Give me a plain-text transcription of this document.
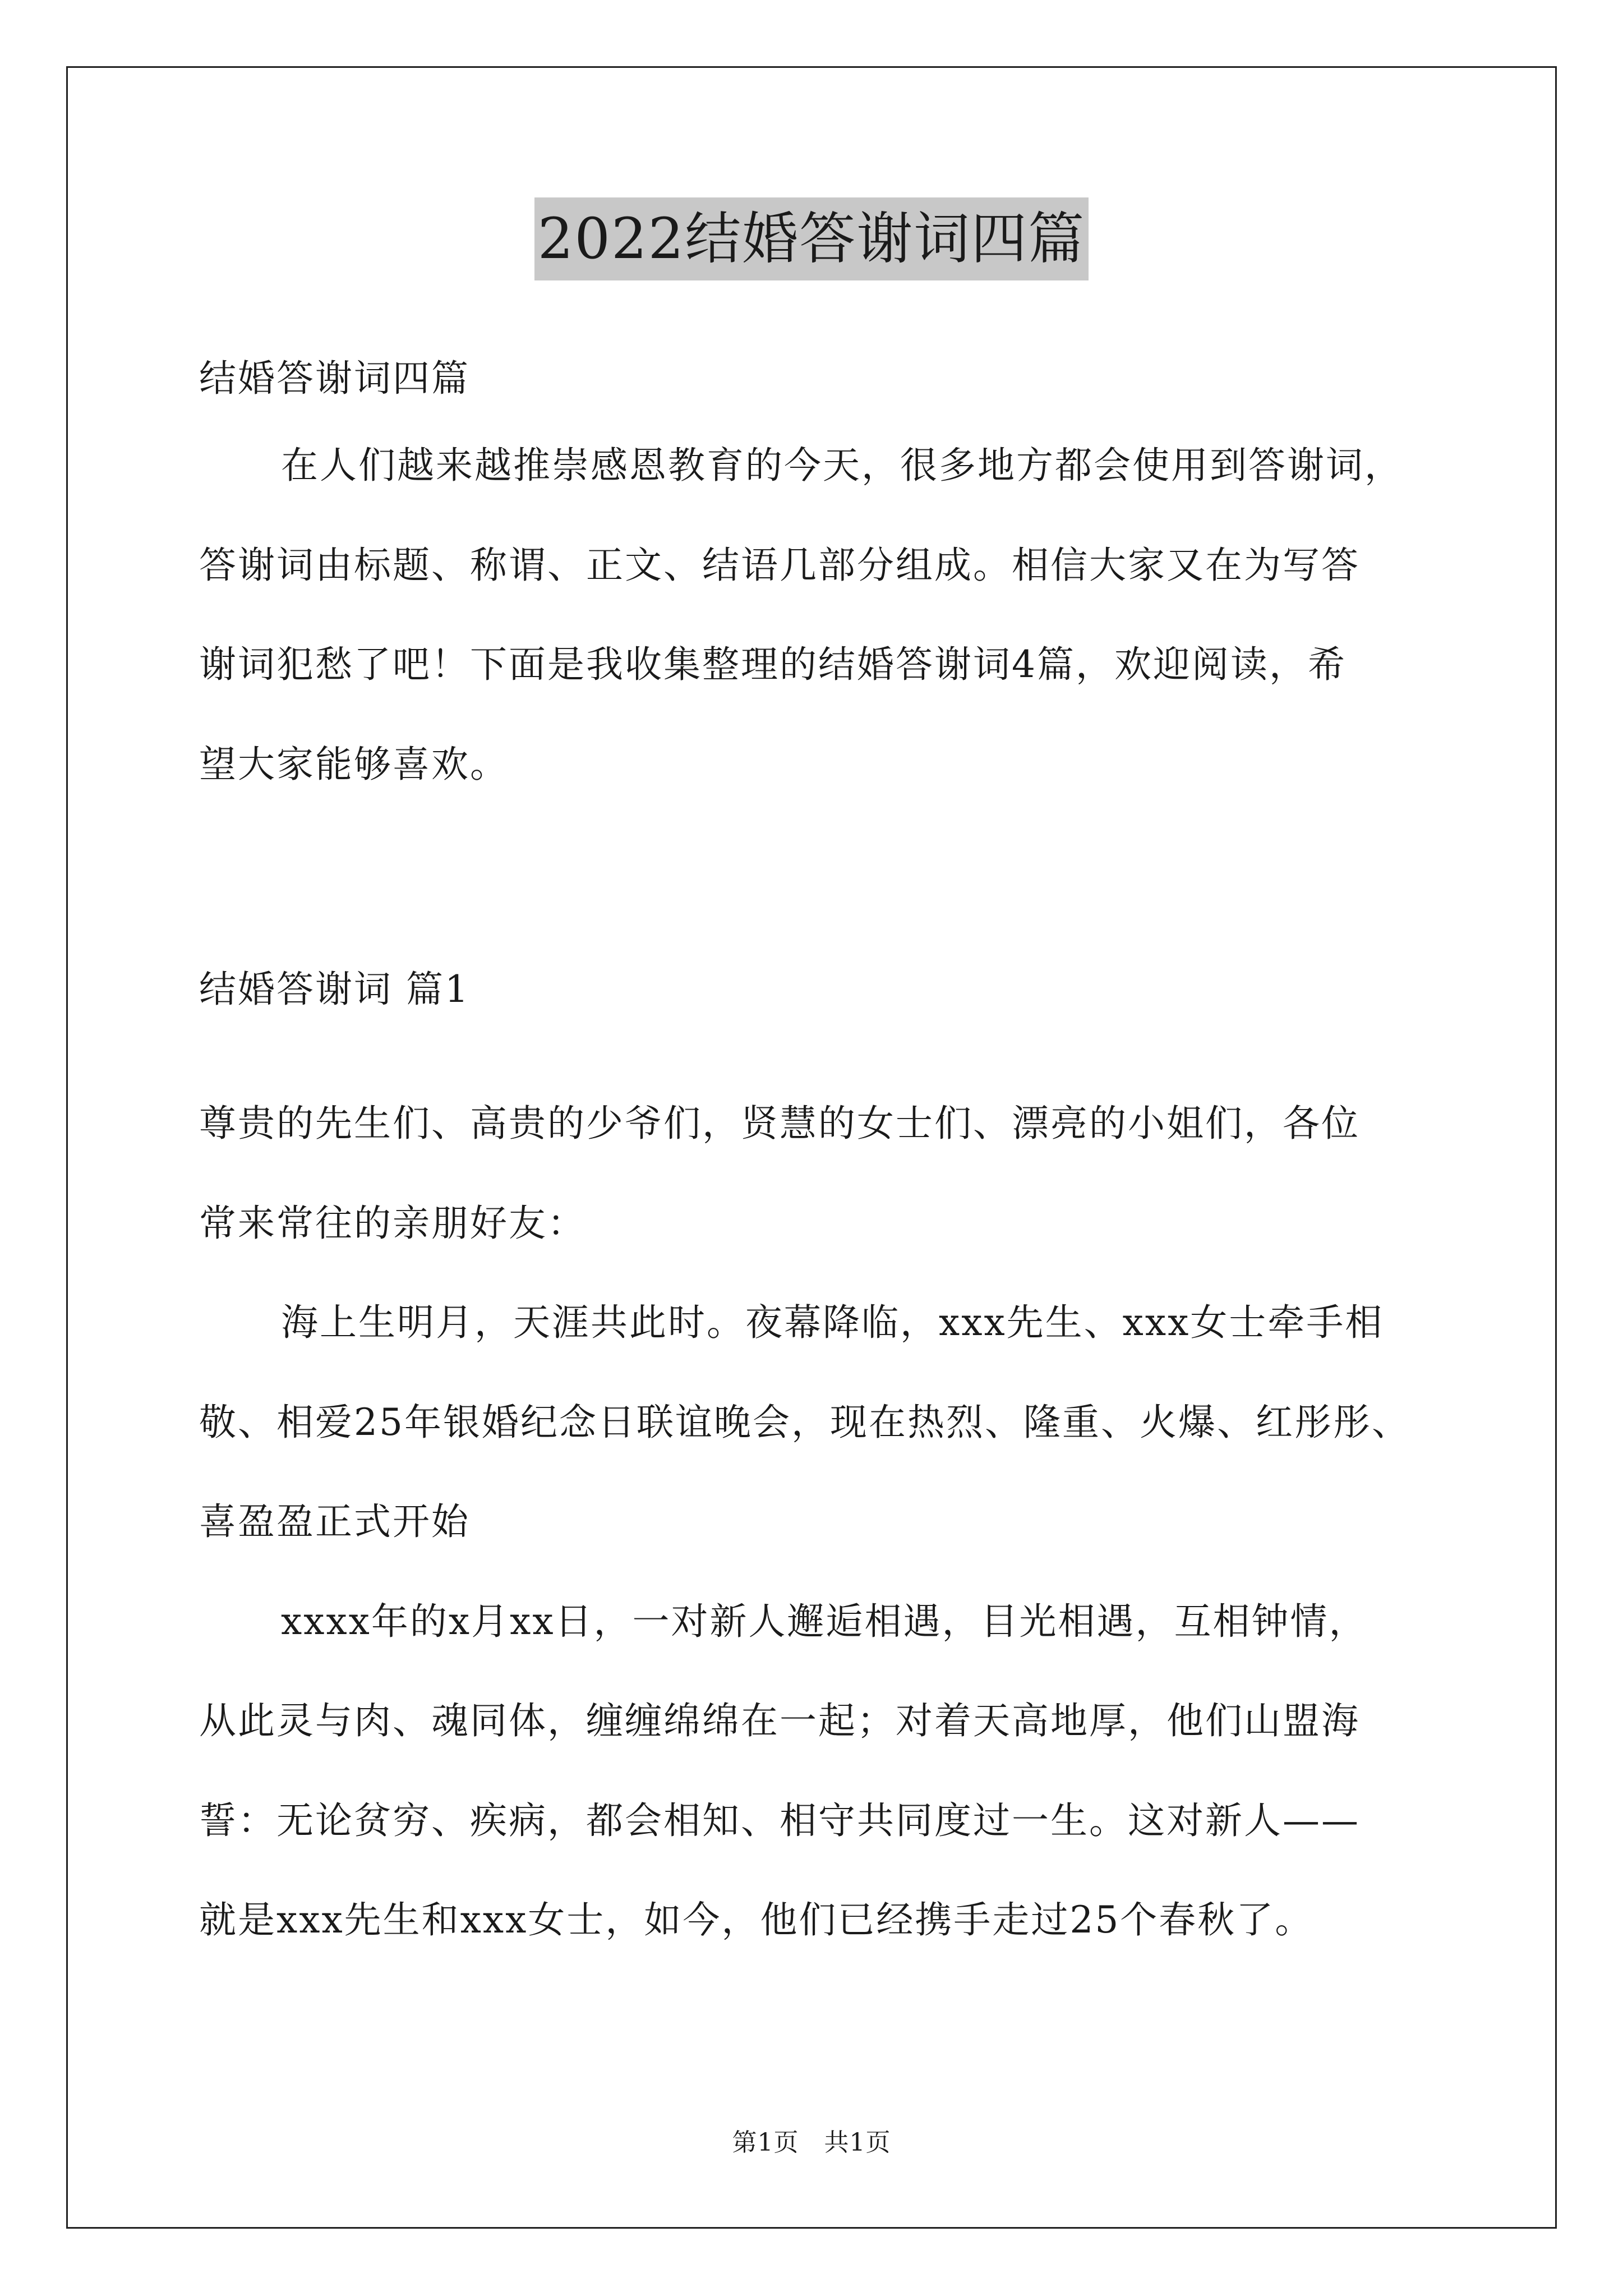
2022结婚答谢词四篇
结婚答谢词四篇
在人们越来越推崇感恩教育的今天，很多地方都会使用到答谢词，
答谢词由标题、称谓、正文、结语几部分组成。相信大家又在为写答
谢词犯愁了吧！下面是我收集整理的结婚答谢词4篇，欢迎阅读，希
望大家能够喜欢。
结婚答谢词 篇1
尊贵的先生们、高贵的少爷们，贤慧的女士们、漂亮的小姐们，各位
常来常往的亲朋好友：
海上生明月，天涯共此时。夜幕降临，xxx先生、xxx女士牵手相
敬、相爱25年银婚纪念日联谊晚会，现在热烈、隆重、火爆、红彤彤、
喜盈盈正式开始
xxxx年的x月xx日，一对新人邂逅相遇，目光相遇，互相钟情，
从此灵与肉、魂同体，缠缠绵绵在一起；对着天高地厚，他们山盟海
誓：无论贫穷、疾病，都会相知、相守共同度过一生。这对新人——
就是xxx先生和xxx女士，如今，他们已经携手走过25个春秋了。
第1页　共1页
